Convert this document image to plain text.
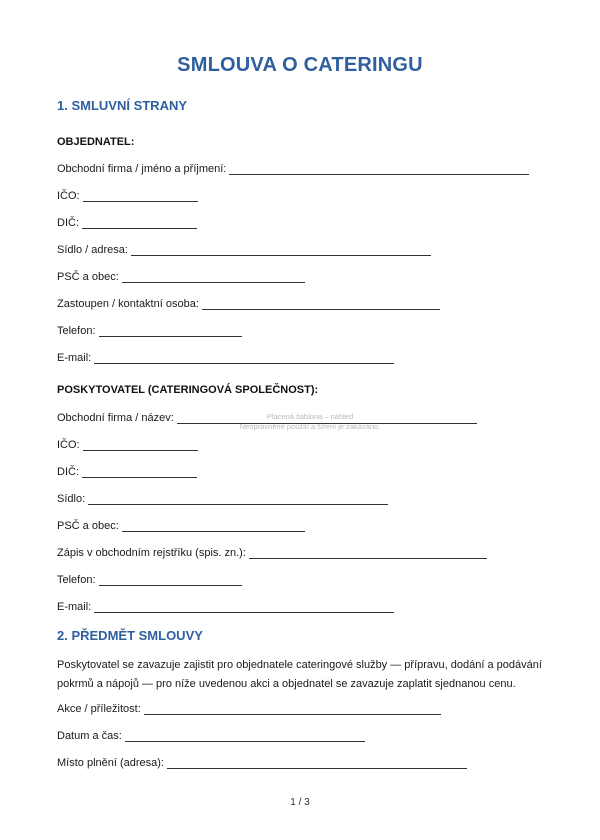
SMLOUVA O CATERINGU
1. SMLUVNÍ STRANY
OBJEDNATEL:
Obchodní firma / jméno a příjmení:
IČO:
DIČ:
Sídlo / adresa:
PSČ a obec:
Zastoupen / kontaktní osoba:
Telefon:
E-mail:
POSKYTOVATEL (CATERINGOVÁ SPOLEČNOST):
Placená šablona – náhled
Neoprávněné použití a šíření je zakázáno.
Obchodní firma / název:
IČO:
DIČ:
Sídlo:
PSČ a obec:
Zápis v obchodním rejstříku (spis. zn.):
Telefon:
E-mail:
2. PŘEDMĚT SMLOUVY
Poskytovatel se zavazuje zajistit pro objednatele cateringové služby — přípravu, dodání a podávání pokrmů a nápojů — pro níže uvedenou akci a objednatel se zavazuje zaplatit sjednanou cenu.
Akce / příležitost:
Datum a čas:
Místo plnění (adresa):
1 / 3
